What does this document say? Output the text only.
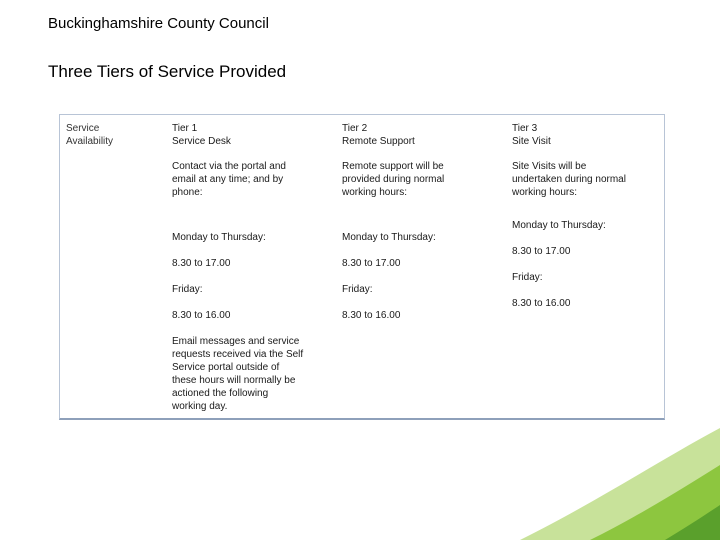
Buckinghamshire County Council
Three Tiers of Service Provided
Service
Availability
Tier 1
Service Desk
Contact via the portal and
email at any time; and by
phone:
Monday to Thursday:
8.30 to 17.00
Friday:
8.30 to 16.00
Email messages and service
requests received via the Self
Service portal outside of
these hours will normally be
actioned the following
working day.
Tier 2
Remote Support
Remote support will be
provided during normal
working hours:
Monday to Thursday:
8.30 to 17.00
Friday:
8.30 to 16.00
Tier 3
Site Visit
Site Visits will be
undertaken during normal
working hours:
Monday to Thursday:
8.30 to 17.00
Friday:
8.30 to 16.00
